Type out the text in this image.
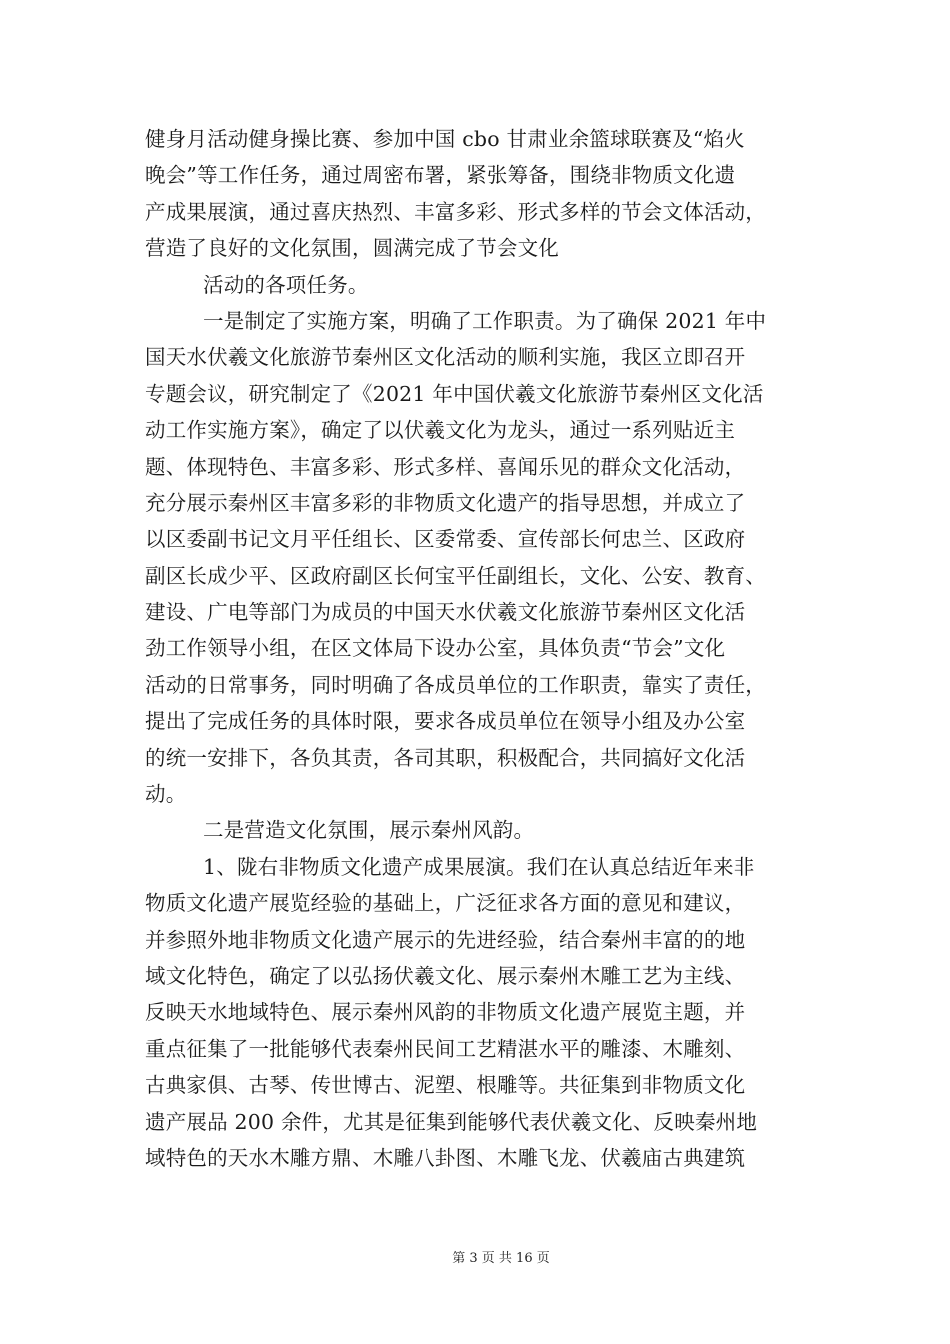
健身月活动健身操比赛、参加中国 cbo 甘肃业余篮球联赛及“焰火
晚会”等工作任务，通过周密布署，紧张筹备，围绕非物质文化遗
产成果展演，通过喜庆热烈、丰富多彩、形式多样的节会文体活动，
营造了良好的文化氛围，圆满完成了节会文化
活动的各项任务。
一是制定了实施方案，明确了工作职责。为了确保 2021 年中
国天水伏羲文化旅游节秦州区文化活动的顺利实施，我区立即召开
专题会议，研究制定了《2021 年中国伏羲文化旅游节秦州区文化活
动工作实施方案》，确定了以伏羲文化为龙头，通过一系列贴近主
题、体现特色、丰富多彩、形式多样、喜闻乐见的群众文化活动，
充分展示秦州区丰富多彩的非物质文化遗产的指导思想，并成立了
以区委副书记文月平任组长、区委常委、宣传部长何忠兰、区政府
副区长成少平、区政府副区长何宝平任副组长，文化、公安、教育、
建设、广电等部门为成员的中国天水伏羲文化旅游节秦州区文化活
劲工作领导小组，在区文体局下设办公室，具体负责“节会”文化
活动的日常事务，同时明确了各成员单位的工作职责，靠实了责任，
提出了完成任务的具体时限，要求各成员单位在领导小组及办公室
的统一安排下，各负其责，各司其职，积极配合，共同搞好文化活
动。
二是营造文化氛围，展示秦州风韵。
1、陇右非物质文化遗产成果展演。我们在认真总结近年来非
物质文化遗产展览经验的基础上，广泛征求各方面的意见和建议，
并参照外地非物质文化遗产展示的先进经验，结合秦州丰富的的地
域文化特色，确定了以弘扬伏羲文化、展示秦州木雕工艺为主线、
反映天水地域特色、展示秦州风韵的非物质文化遗产展览主题，并
重点征集了一批能够代表秦州民间工艺精湛水平的雕漆、木雕刻、
古典家俱、古琴、传世博古、泥塑、根雕等。共征集到非物质文化
遗产展品 200 余件，尤其是征集到能够代表伏羲文化、反映秦州地
域特色的天水木雕方鼎、木雕八卦图、木雕飞龙、伏羲庙古典建筑
第 3 页 共 16 页
